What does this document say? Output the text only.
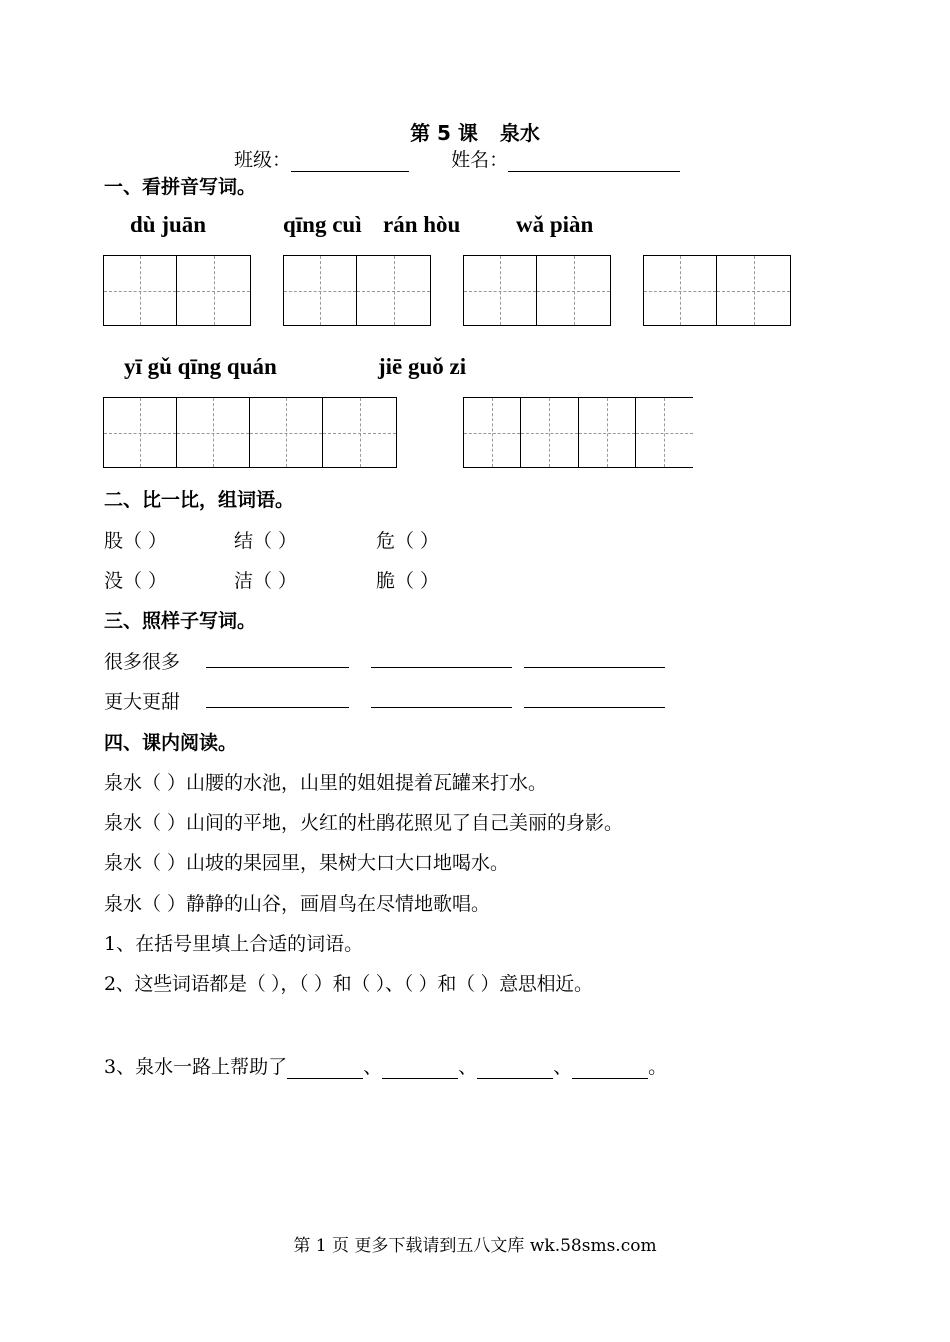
第 5 课 泉水
班级：	姓名：
一、看拼音写词。
dù juān	qīng cuì rán hòu wǎ piàn
yī gǔ qīng quán	jiē guǒ zi
二、比一比，组词语。
股（ ）	结（ ）	危（ ）
没（ ）	洁（ ）	脆（ ）
三、照样子写词。
很多很多
更大更甜
四、课内阅读。
泉水（ ）山腰的水池，山里的姐姐提着瓦罐来打水。
泉水（ ）山间的平地，火红的杜鹃花照见了自己美丽的身影。
泉水（ ）山坡的果园里，果树大口大口地喝水。
泉水（ ）静静的山谷，画眉鸟在尽情地歌唱。
1、在括号里填上合适的词语。
2、这些词语都是（ ），（ ）和（ ）、（ ）和（ ）意思相近。
3、泉水一路上帮助了	、	、	、	。
第 1 页 更多下载请到五八文库 wk.58sms.com
